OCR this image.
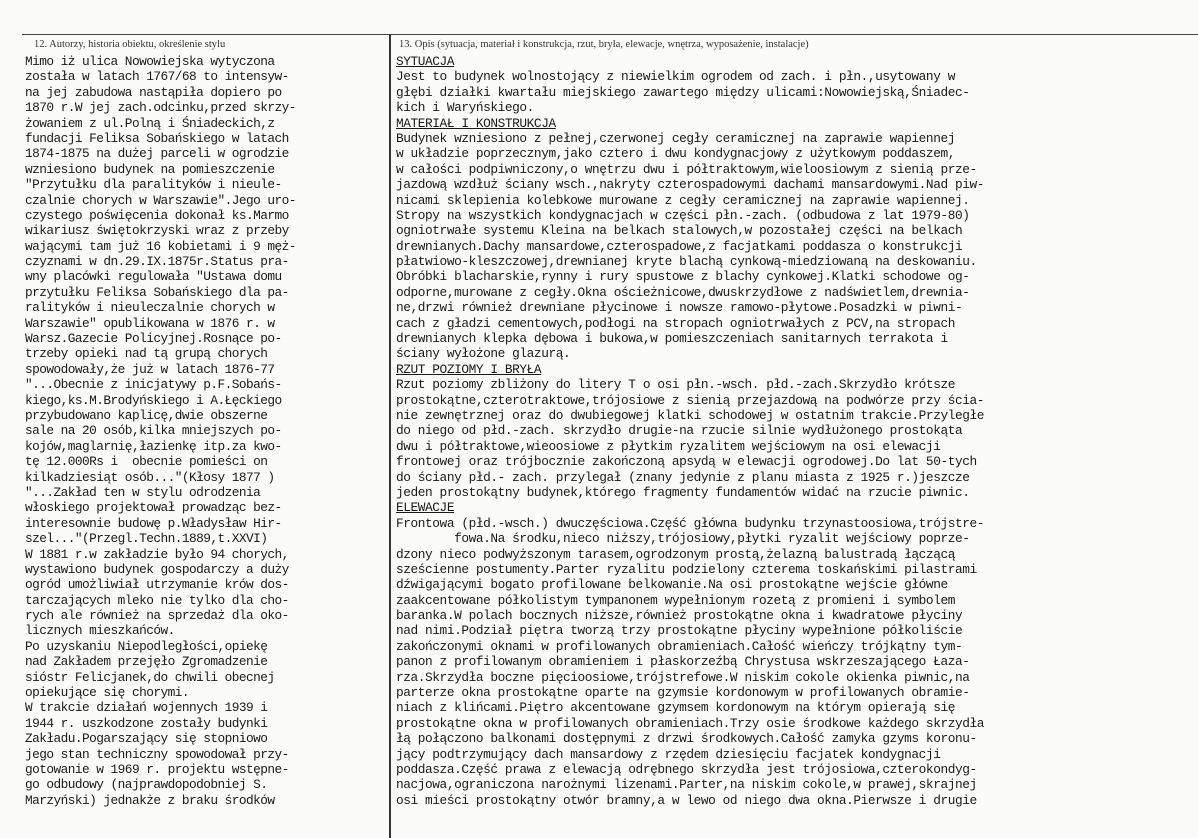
12. Autorzy, historia obiektu, określenie stylu	13. Opis (sytuacja, materiał i konstrukcja, rzut, bryła, elewacje, wnętrza, wyposażenie, instalacje)
Mimo iż ulica Nowowiejska wytyczona
została w latach 1767/68 to intensyw-
na jej zabudowa nastąpiła dopiero po
1870 r.W jej zach.odcinku,przed skrzy-
żowaniem z ul.Polną i Śniadeckich,z
fundacji Feliksa Sobańskiego w latach
1874-1875 na dużej parceli w ogrodzie
wzniesiono budynek na pomieszczenie
"Przytułku dla paralityków i nieule-
czalnie chorych w Warszawie".Jego uro-
czystego poświęcenia dokonał ks.Marmo
wikariusz świętokrzyski wraz z przeby
wającymi tam już 16 kobietami i 9 męż-
czyznami w dn.29.IX.1875r.Status pra-
wny placówki regulowała "Ustawa domu
przytułku Feliksa Sobańskiego dla pa-
ralityków i nieuleczalnie chorych w
Warszawie" opublikowana w 1876 r. w
Warsz.Gazecie Policyjnej.Rosnące po-
trzeby opieki nad tą grupą chorych
spowodowały,że już w latach 1876-77
"...Obecnie z inicjatywy p.F.Sobańs-
kiego,ks.M.Brodyńskiego i A.Łęckiego
przybudowano kaplicę,dwie obszerne
sale na 20 osób,kilka mniejszych po-
kojów,maglarnię,łazienkę itp.za kwo-
tę 12.000Rs i  obecnie pomieści on
kilkadziesiąt osób..."(Kłosy 1877 )
"...Zakład ten w stylu odrodzenia
włoskiego projektował prowadząc bez-
interesownie budowę p.Władysław Hir-
szel..."(Przegl.Techn.1889,t.XXVI)
W 1881 r.w zakładzie było 94 chorych,
wystawiono budynek gospodarczy a duży
ogród umożliwiał utrzymanie krów dos-
tarczających mleko nie tylko dla cho-
rych ale również na sprzedaż dla oko-
licznych mieszkańców.
Po uzyskaniu Niepodległości,opiekę
nad Zakładem przejęło Zgromadzenie
sióstr Felicjanek,do chwili obecnej
opiekujące się chorymi.
W trakcie działań wojennych 1939 i
1944 r. uszkodzone zostały budynki
Zakładu.Pogarszający się stopniowo
jego stan techniczny spowodował przy-
gotowanie w 1969 r. projektu wstępne-
go odbudowy (najprawdopodobniej S.
Marzyński) jednakże z braku środków
SYTUACJA
Jest to budynek wolnostojący z niewielkim ogrodem od zach. i płn.,usytowany w
głębi działki kwartału miejskiego zawartego między ulicami:Nowowiejską,Śniadec-
kich i Waryńskiego.
MATERIAŁ I KONSTRUKCJA
Budynek wzniesiono z pełnej,czerwonej cegły ceramicznej na zaprawie wapiennej
w układzie poprzecznym,jako cztero i dwu kondygnacjowy z użytkowym poddaszem,
w całości podpiwniczony,o wnętrzu dwu i półtraktowym,wieloosiowym z sienią prze-
jazdową wzdłuż ściany wsch.,nakryty czterospadowymi dachami mansardowymi.Nad piw-
nicami sklepienia kolebkowe murowane z cegły ceramicznej na zaprawie wapiennej.
Stropy na wszystkich kondygnacjach w części płn.-zach. (odbudowa z lat 1979-80)
ogniotrwałe systemu Kleina na belkach stalowych,w pozostałej części na belkach
drewnianych.Dachy mansardowe,czterospadowe,z facjatkami poddasza o konstrukcji
płatwiowo-kleszczowej,drewnianej kryte blachą cynkową-miedziowaną na deskowaniu.
Obróbki blacharskie,rynny i rury spustowe z blachy cynkowej.Klatki schodowe og-
odporne,murowane z cegły.Okna ościeżnicowe,dwuskrzydłowe z nadświetlem,drewnia-
ne,drzwi również drewniane płycinowe i nowsze ramowo-płytowe.Posadzki w piwni-
cach z gładzi cementowych,podłogi na stropach ogniotrwałych z PCV,na stropach
drewnianych klepka dębowa i bukowa,w pomieszczeniach sanitarnych terrakota i
ściany wyłożone glazurą.
RZUT POZIOMY I BRYŁA
Rzut poziomy zbliżony do litery T o osi płn.-wsch. płd.-zach.Skrzydło krótsze
prostokątne,czterotraktowe,trójosiowe z sienią przejazdową na podwórze przy ścia-
nie zewnętrznej oraz do dwubiegowej klatki schodowej w ostatnim trakcie.Przyległe
do niego od płd.-zach. skrzydło drugie-na rzucie silnie wydłużonego prostokąta
dwu i półtraktowe,wieoosiowe z płytkim ryzalitem wejściowym na osi elewacji
frontowej oraz trójbocznie zakończoną apsydą w elewacji ogrodowej.Do lat 50-tych
do ściany płd.- zach. przylegał (znany jedynie z planu miasta z 1925 r.)jeszcze
jeden prostokątny budynek,którego fragmenty fundamentów widać na rzucie piwnic.
ELEWACJE
Frontowa (płd.-wsch.) dwuczęściowa.Część główna budynku trzynastoosiowa,trójstre-
fowa.Na środku,nieco niższy,trójosiowy,płytki ryzalit wejściowy poprze-
dzony nieco podwyższonym tarasem,ogrodzonym prostą,żelazną balustradą łączącą
sześcienne postumenty.Parter ryzalitu podzielony czterema toskańskimi pilastrami
dźwigającymi bogato profilowane belkowanie.Na osi prostokątne wejście główne
zaakcentowane półkolistym tympanonem wypełnionym rozetą z promieni i symbolem
baranka.W polach bocznych niższe,również prostokątne okna i kwadratowe płyciny
nad nimi.Podział piętra tworzą trzy prostokątne płyciny wypełnione półkoliście
zakończonymi oknami w profilowanych obramieniach.Całość wieńczy trójkątny tym-
panon z profilowanym obramieniem i płaskorzeźbą Chrystusa wskrzeszającego Łaza-
rza.Skrzydła boczne pięcioosiowe,trójstrefowe.W niskim cokole okienka piwnic,na
parterze okna prostokątne oparte na gzymsie kordonowym w profilowanych obramie-
niach z klińcami.Piętro akcentowane gzymsem kordonowym na którym opierają się
prostokątne okna w profilowanych obramieniach.Trzy osie środkowe każdego skrzydła
łą połączono balkonami dostępnymi z drzwi środkowych.Całość zamyka gzyms koronu-
jący podtrzymujący dach mansardowy z rzędem dziesięciu facjatek kondygnacji
poddasza.Część prawa z elewacją odrębnego skrzydła jest trójosiowa,czterokondyg-
nacjowa,ograniczona narożnymi lizenami.Parter,na niskim cokole,w prawej,skrajnej
osi mieści prostokątny otwór bramny,a w lewo od niego dwa okna.Pierwsze i drugie
